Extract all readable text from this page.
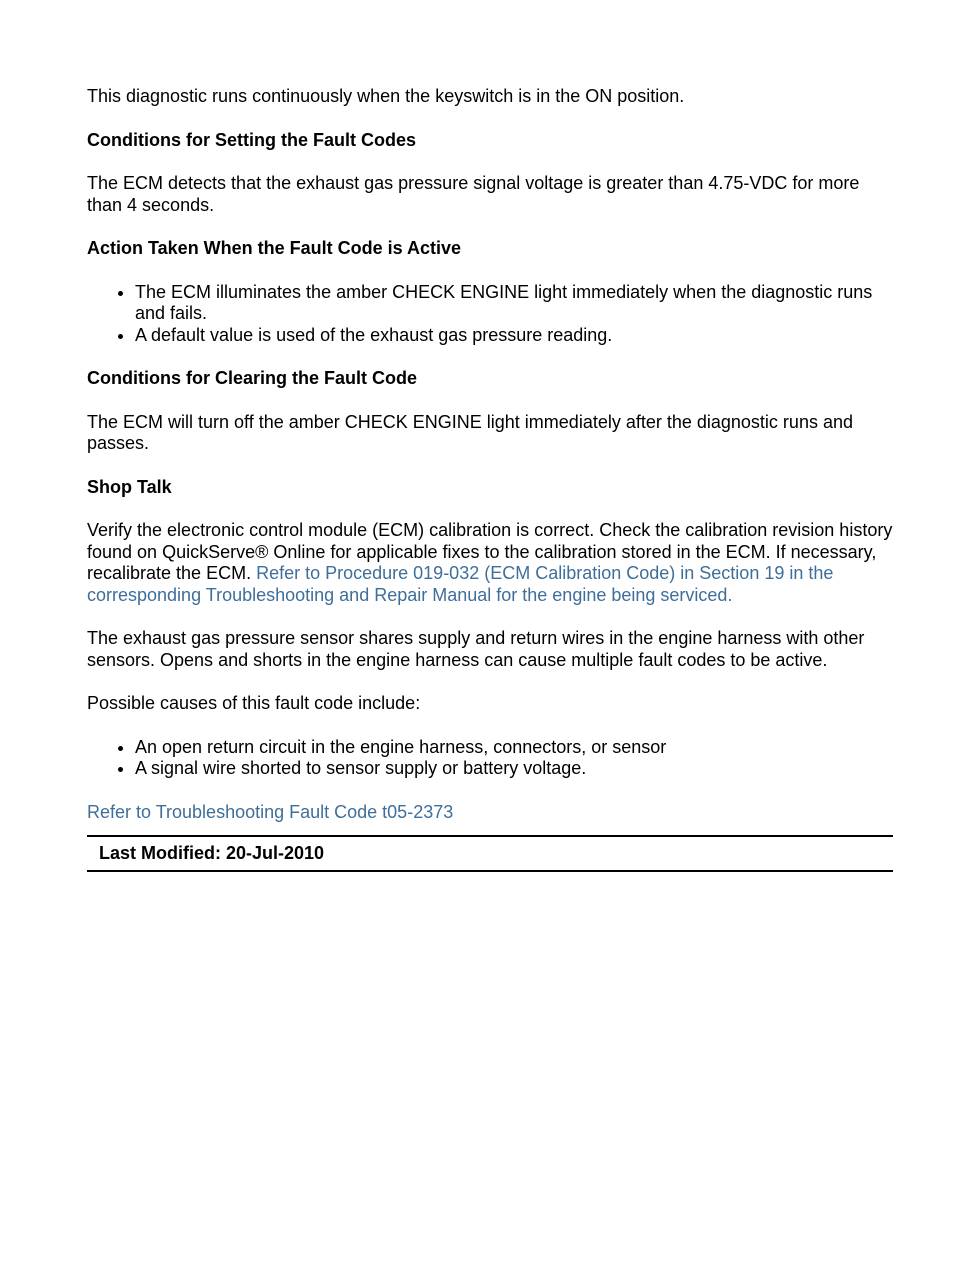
This diagnostic runs continuously when the keyswitch is in the ON position.

Conditions for Setting the Fault Codes

The ECM detects that the exhaust gas pressure signal voltage is greater than 4.75-VDC for more than 4 seconds.

Action Taken When the Fault Code is Active
The ECM illuminates the amber CHECK ENGINE light immediately when the diagnostic runs and fails.
A default value is used of the exhaust gas pressure reading.
Conditions for Clearing the Fault Code

The ECM will turn off the amber CHECK ENGINE light immediately after the diagnostic runs and passes.

Shop Talk

Verify the electronic control module (ECM) calibration is correct. Check the calibration revision history found on QuickServe® Online for applicable fixes to the calibration stored in the ECM. If necessary, recalibrate the ECM. Refer to Procedure 019-032 (ECM Calibration Code) in Section 19 in the corresponding Troubleshooting and Repair Manual for the engine being serviced.

The exhaust gas pressure sensor shares supply and return wires in the engine harness with other sensors. Opens and shorts in the engine harness can cause multiple fault codes to be active.

Possible causes of this fault code include:

An open return circuit in the engine harness, connectors, or sensor
A signal wire shorted to sensor supply or battery voltage.

Refer to Troubleshooting Fault Code t05-2373

Last Modified: 20-Jul-2010
